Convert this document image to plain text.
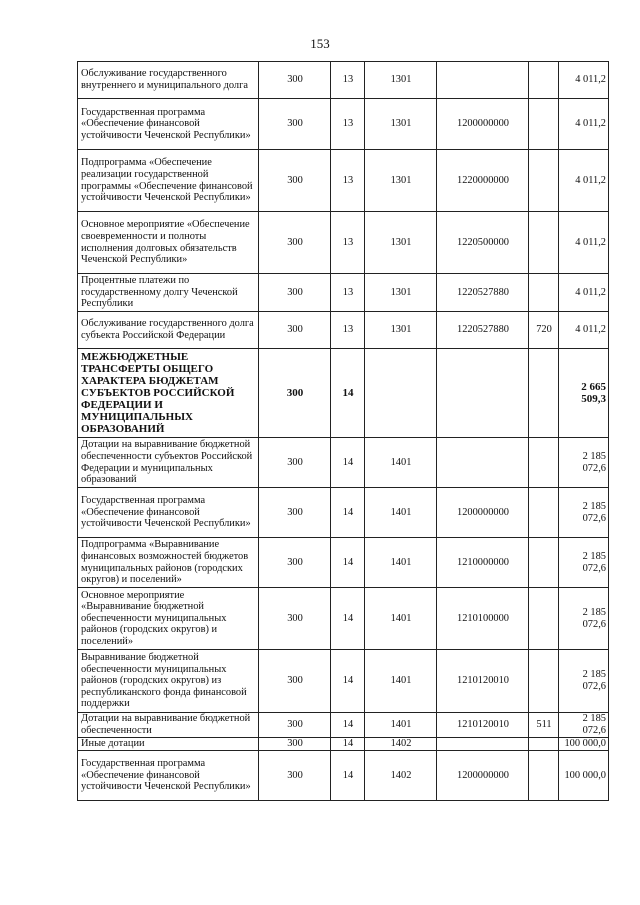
153
Обслуживание государственного внутреннего и муниципального долга	300	13	1301			4 011,2
Государственная программа «Обеспечение финансовой устойчивости Чеченской Республики»	300	13	1301	1200000000		4 011,2
Подпрограмма «Обеспечение реализации государственной программы «Обеспечение финансовой устойчивости Чеченской Республики»	300	13	1301	1220000000		4 011,2
Основное мероприятие «Обеспечение своевременности и полноты исполнения долговых обязательств Чеченской Республики»	300	13	1301	1220500000		4 011,2
Процентные платежи по государственному долгу Чеченской Республики	300	13	1301	1220527880		4 011,2
Обслуживание государственного долга субъекта Российской Федерации	300	13	1301	1220527880	720	4 011,2
МЕЖБЮДЖЕТНЫЕ ТРАНСФЕРТЫ ОБЩЕГО ХАРАКТЕРА БЮДЖЕТАМ СУБЪЕКТОВ РОССИЙСКОЙ ФЕДЕРАЦИИ И МУНИЦИПАЛЬНЫХ ОБРАЗОВАНИЙ	300	14				2 665 509,3
Дотации на выравнивание бюджетной обеспеченности субъектов Российской Федерации и муниципальных образований	300	14	1401			2 185 072,6
Государственная программа «Обеспечение финансовой устойчивости Чеченской Республики»	300	14	1401	1200000000		2 185 072,6
Подпрограмма «Выравнивание финансовых возможностей бюджетов муниципальных районов (городских округов) и поселений»	300	14	1401	1210000000		2 185 072,6
Основное мероприятие «Выравнивание бюджетной обеспеченности муниципальных районов (городских округов) и поселений»	300	14	1401	1210100000		2 185 072,6
Выравнивание бюджетной обеспеченности муниципальных районов (городских округов) из республиканского фонда финансовой поддержки	300	14	1401	1210120010		2 185 072,6
Дотации на выравнивание бюджетной обеспеченности	300	14	1401	1210120010	511	2 185 072,6
Иные дотации	300	14	1402			100 000,0
Государственная программа «Обеспечение финансовой устойчивости Чеченской Республики»	300	14	1402	1200000000		100 000,0
